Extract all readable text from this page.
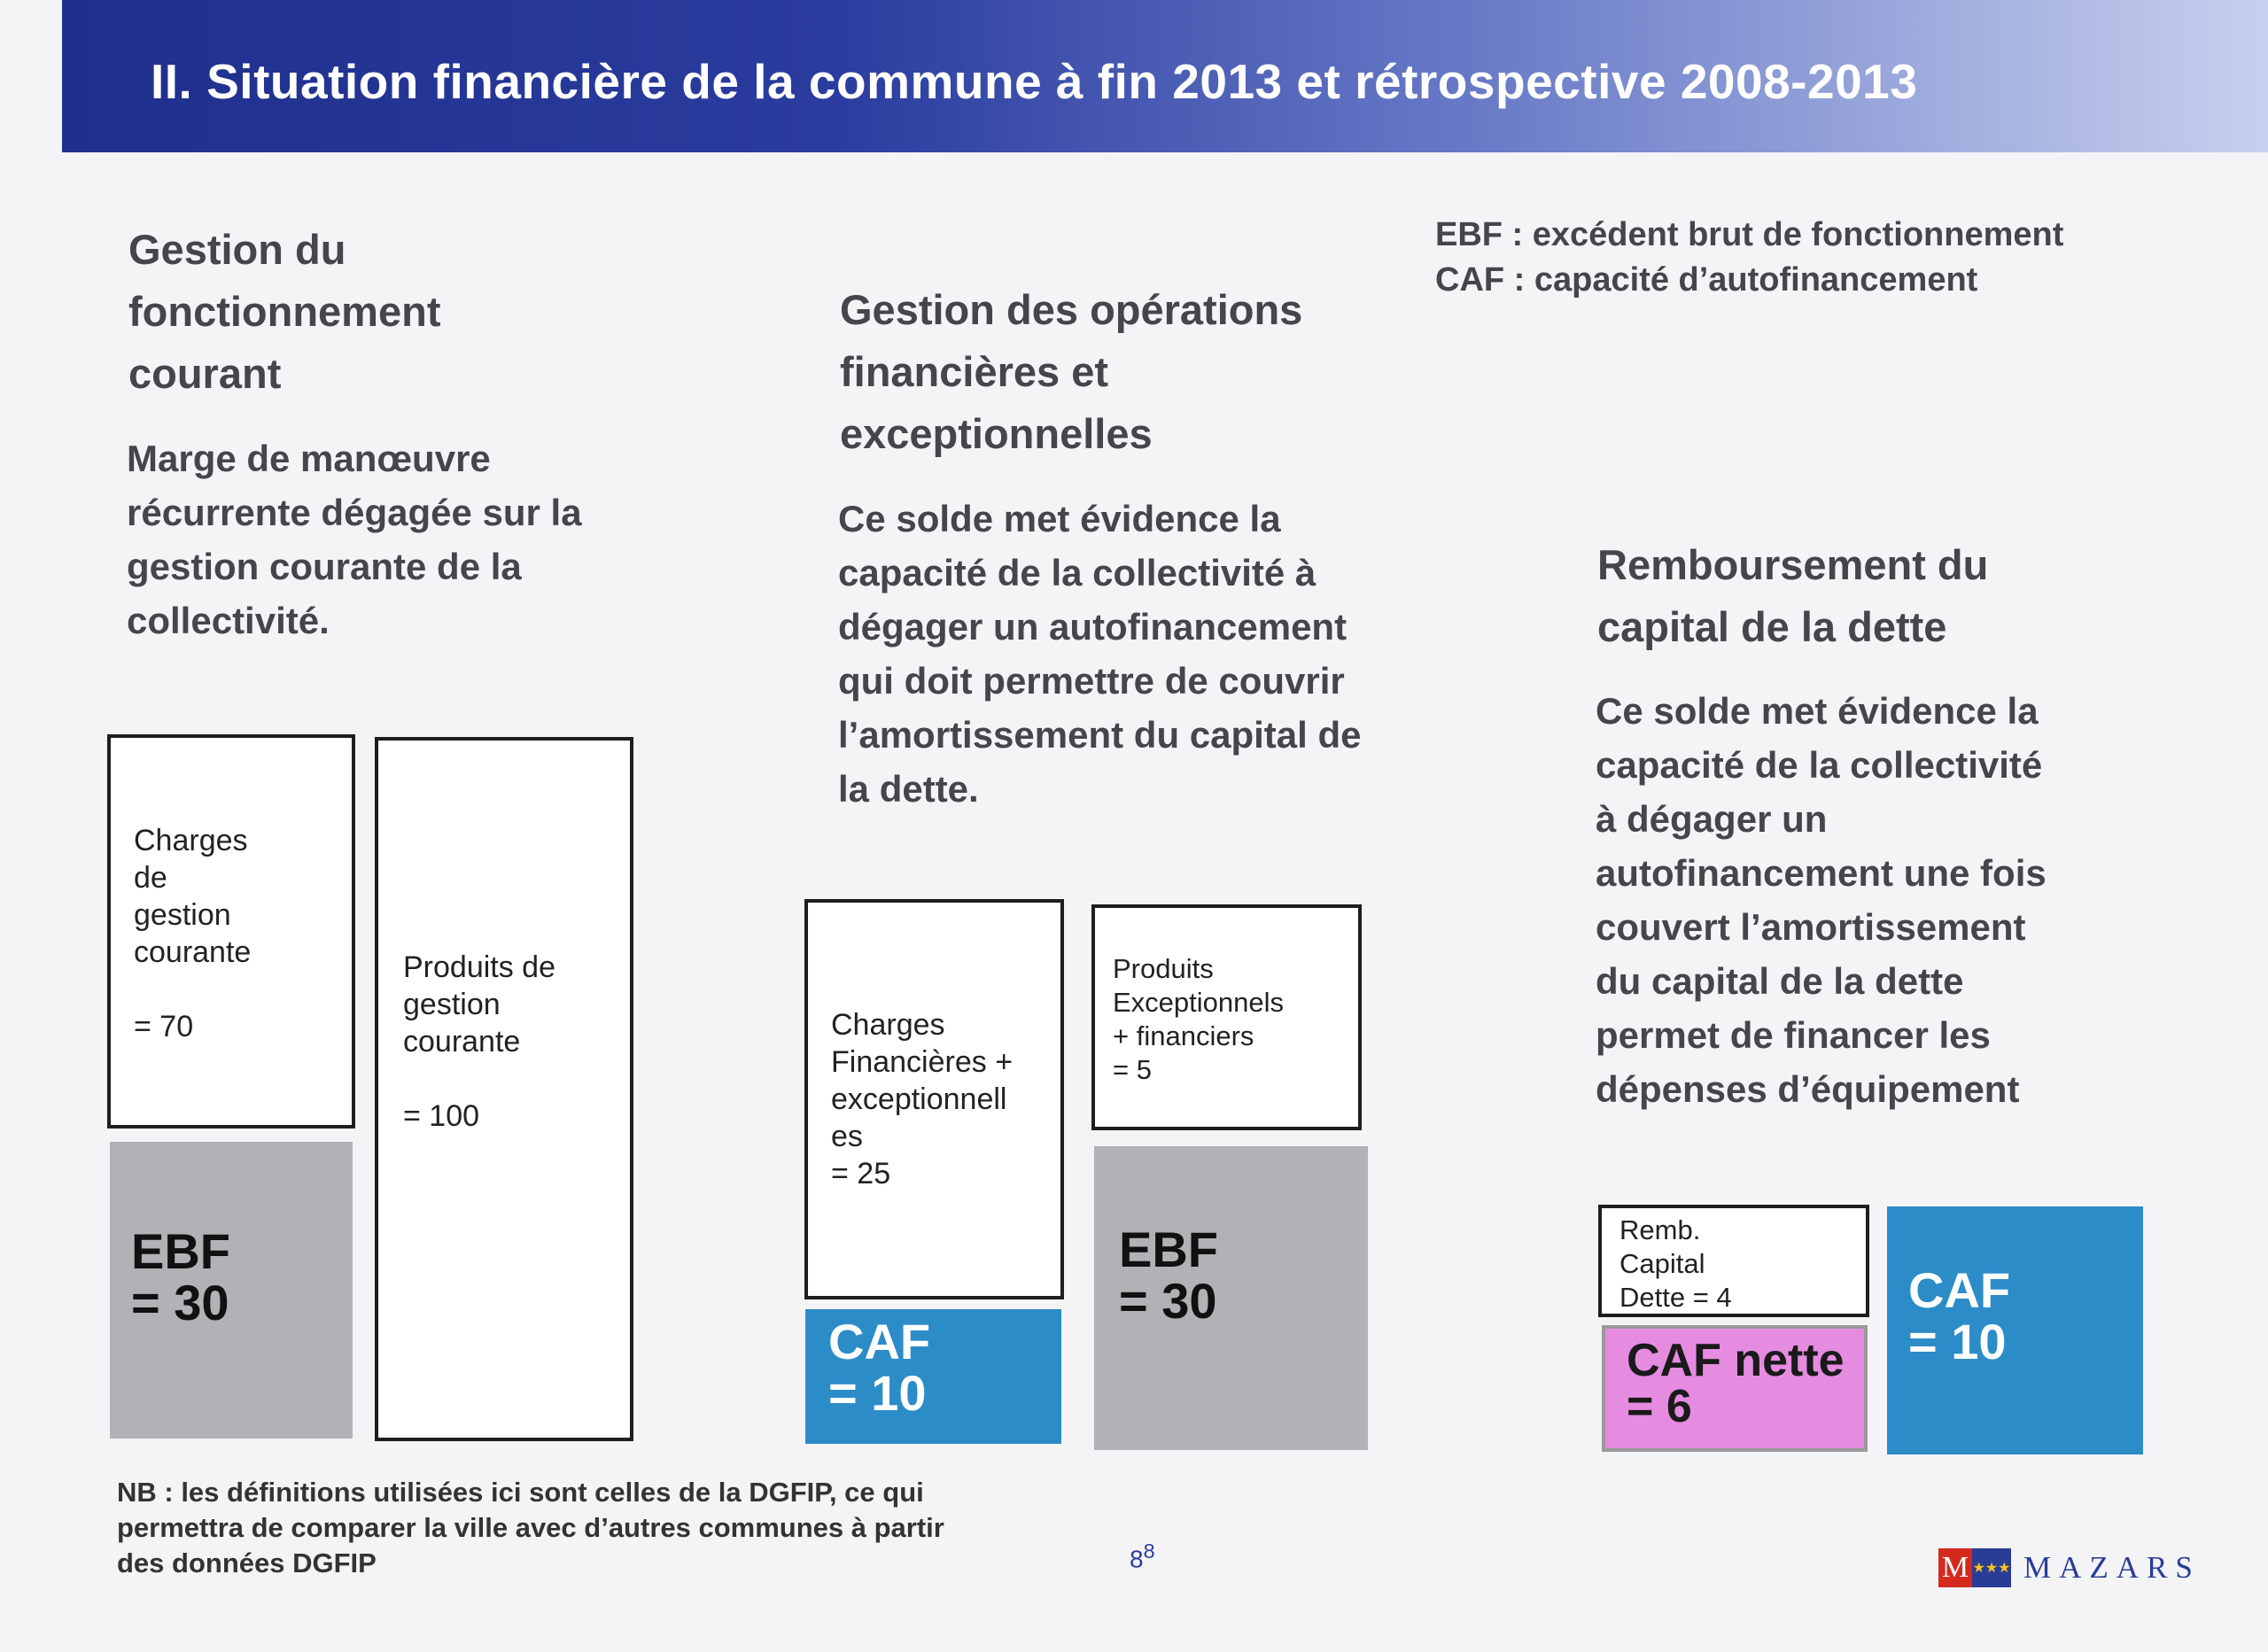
II. Situation financière de la commune à fin 2013 et rétrospective 2008-2013
EBF : excédent brut de fonctionnement
CAF : capacité d’autofinancement
Gestion du
fonctionnement
courant
Marge de manœuvre
récurrente dégagée sur la
gestion courante de la
collectivité.
Charges
de
gestion
courante

= 70
EBF
= 30
Produits de
gestion
courante

= 100
Gestion des opérations
financières et
exceptionnelles
Ce solde met évidence la
capacité de la collectivité à
dégager un autofinancement
qui doit permettre de couvrir
l’amortissement du capital de
la dette.
Charges
Financières +
exceptionnell
es
= 25
CAF
= 10
Produits
Exceptionnels
+ financiers
= 5
EBF
= 30
Remboursement du
capital de la dette
Ce solde met évidence la
capacité de la collectivité
à dégager un
autofinancement une fois
couvert l’amortissement
du capital de la dette
permet de financer les
dépenses d’équipement
Remb.
Capital
Dette = 4
CAF nette
= 6
CAF
= 10
NB : les définitions utilisées ici sont celles de la DGFIP, ce qui
permettra de comparer la ville avec d’autres communes à partir
des données DGFIP	$8^8$	M ★★★ MAZARS
